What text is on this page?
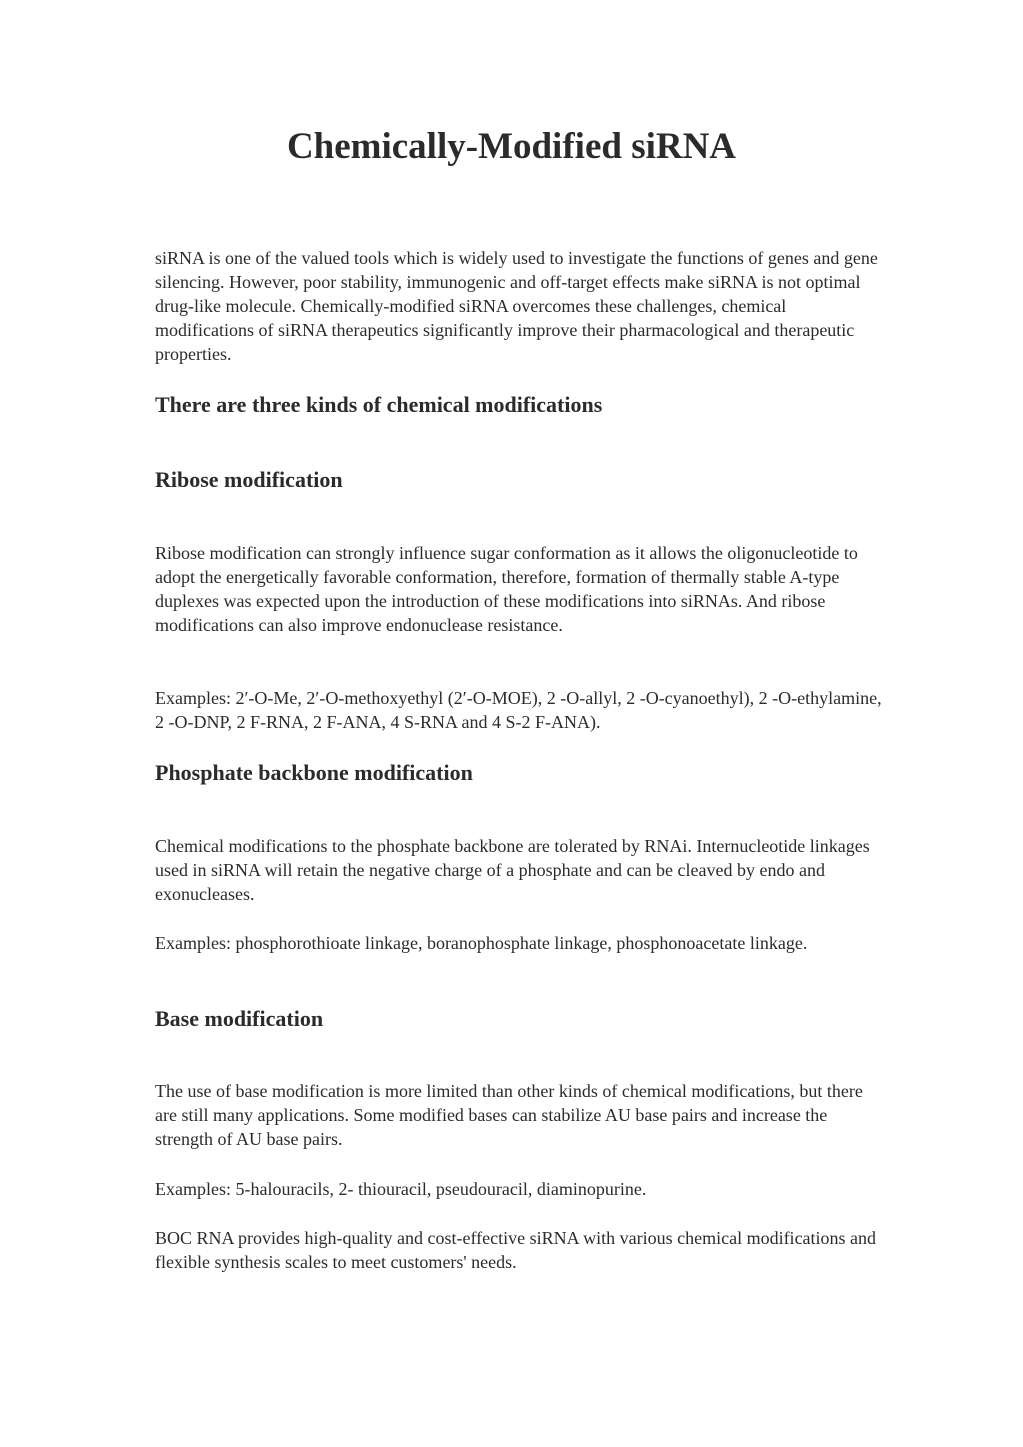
Chemically-Modified siRNA

siRNA is one of the valued tools which is widely used to investigate the functions of genes and gene silencing. However, poor stability, immunogenic and off-target effects make siRNA is not optimal drug-like molecule. Chemically-modified siRNA overcomes these challenges, chemical modifications of siRNA therapeutics significantly improve their pharmacological and therapeutic properties.

There are three kinds of chemical modifications
Ribose modification

Ribose modification can strongly influence sugar conformation as it allows the oligonucleotide to adopt the energetically favorable conformation, therefore, formation of thermally stable A-type duplexes was expected upon the introduction of these modifications into siRNAs. And ribose modifications can also improve endonuclease resistance.

Examples: 2′-O-Me, 2′-O-methoxyethyl (2′-O-MOE), 2 -O-allyl, 2 -O-cyanoethyl), 2 -O-ethylamine, 2 -O-DNP, 2 F-RNA, 2 F-ANA, 4 S-RNA and 4 S-2 F-ANA).

Phosphate backbone modification

Chemical modifications to the phosphate backbone are tolerated by RNAi. Internucleotide linkages used in siRNA will retain the negative charge of a phosphate and can be cleaved by endo and exonucleases.

Examples: phosphorothioate linkage, boranophosphate linkage, phosphonoacetate linkage.

Base modification

The use of base modification is more limited than other kinds of chemical modifications, but there are still many applications. Some modified bases can stabilize AU base pairs and increase the strength of AU base pairs.

Examples: 5-halouracils, 2- thiouracil, pseudouracil, diaminopurine.

BOC RNA provides high-quality and cost-effective siRNA with various chemical modifications and flexible synthesis scales to meet customers' needs.
